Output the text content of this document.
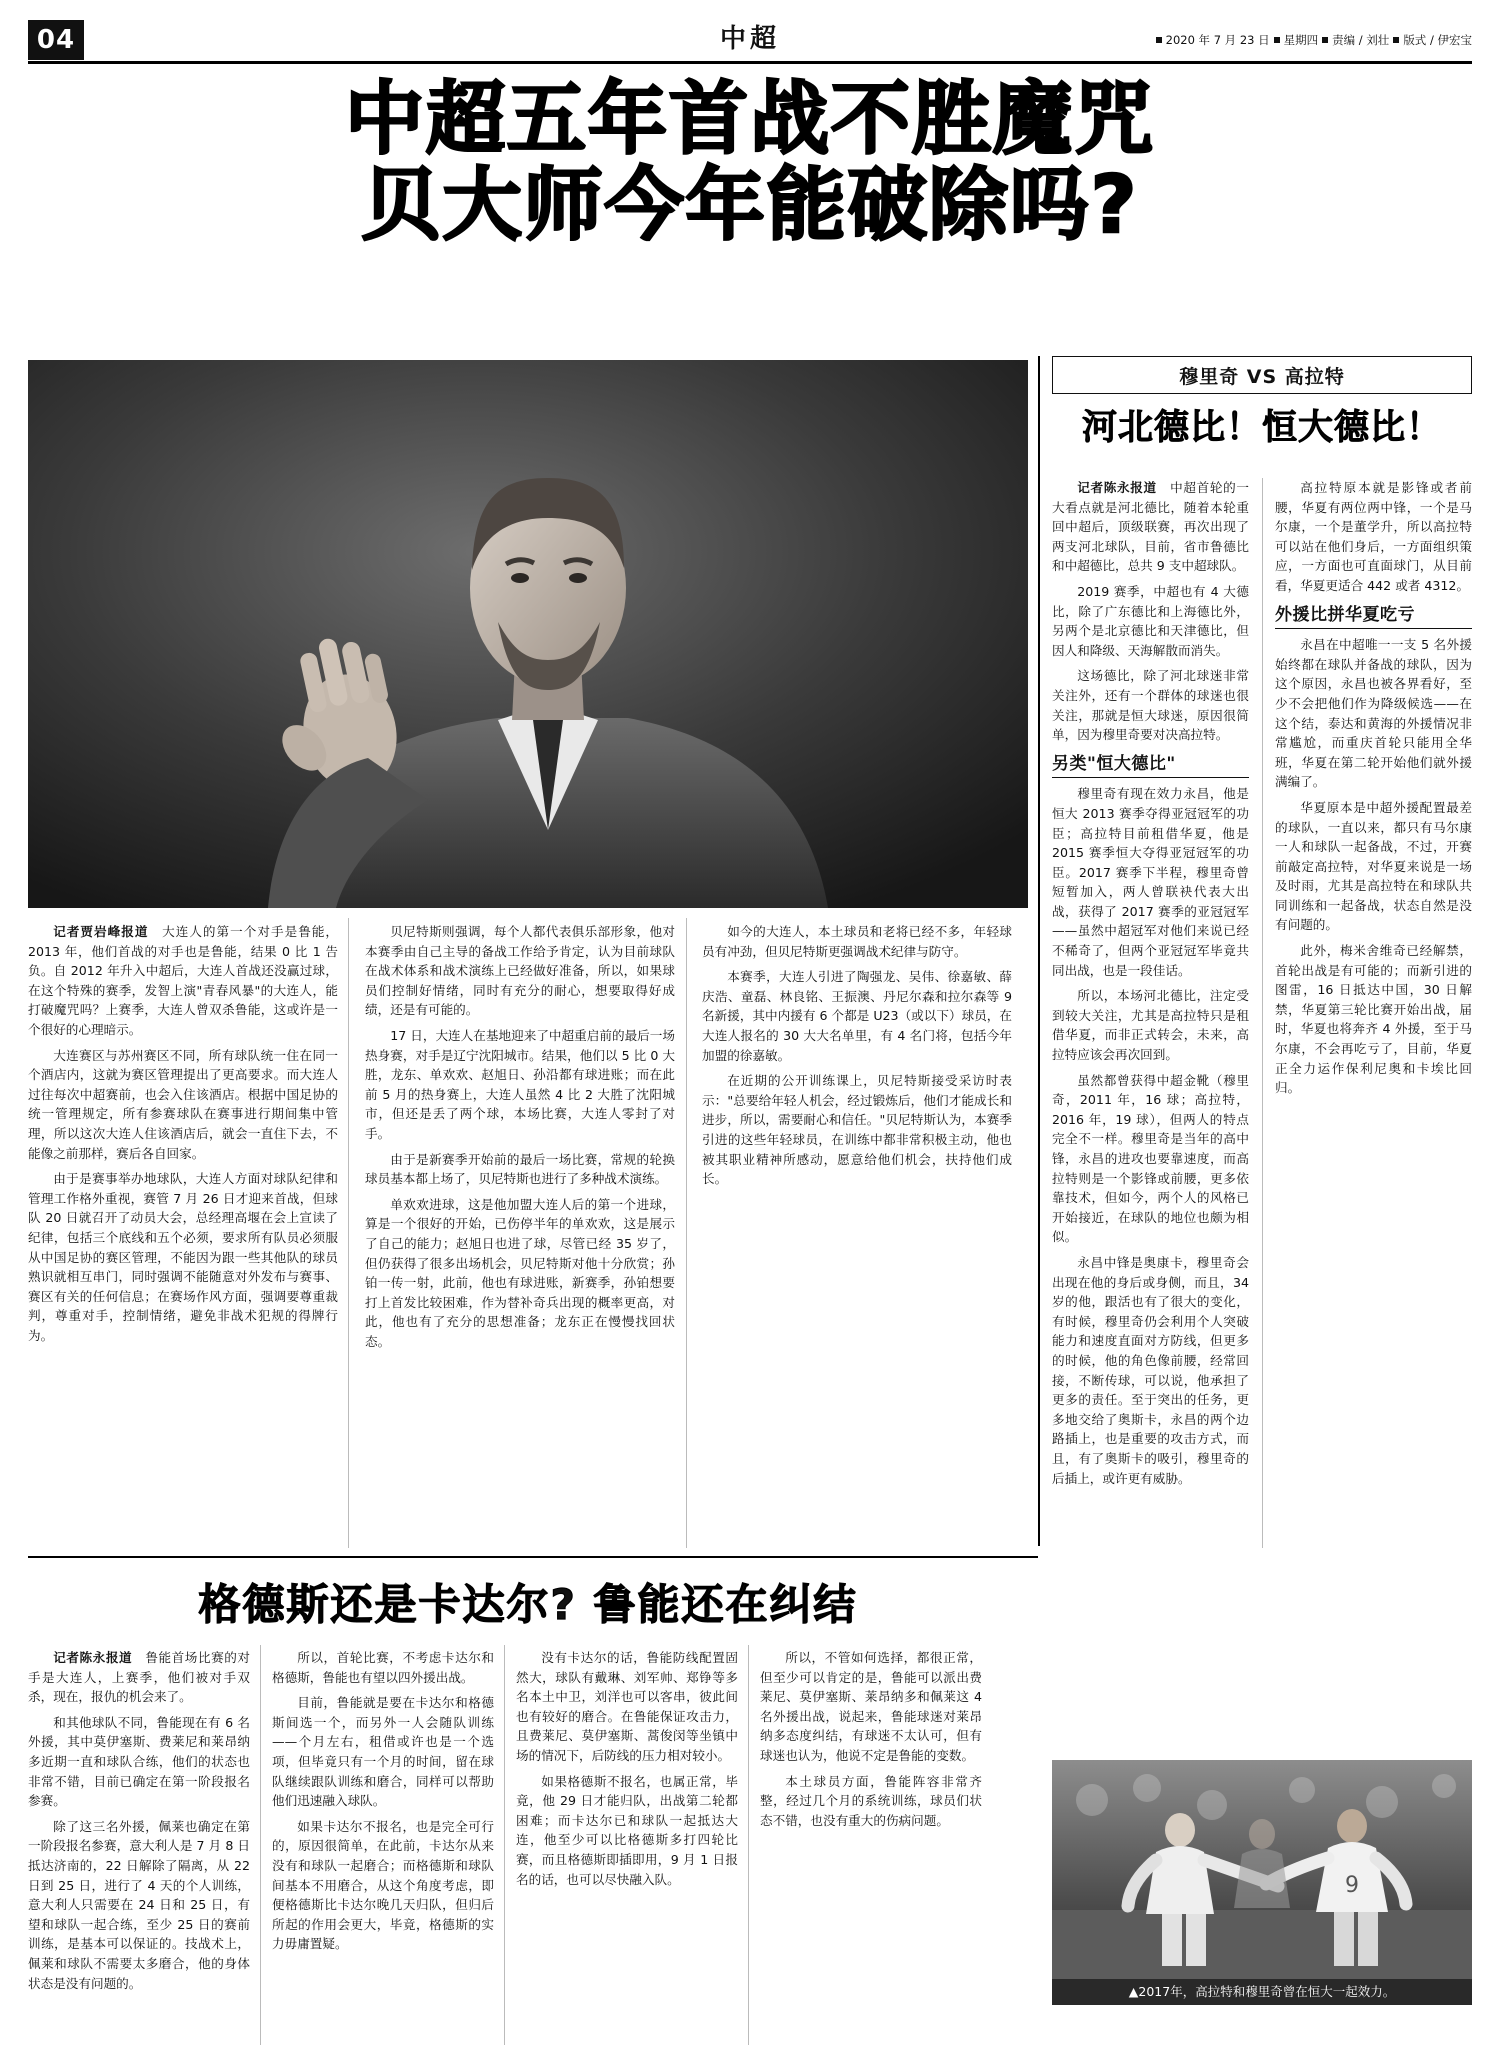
04	中超	2020 年 7 月 23 日 星期四 责编 / 刘壮 版式 / 伊宏宝
中超五年首战不胜魔咒
贝大师今年能破除吗?

记者贾岩峰报道　 大连人的第一个对手是鲁能，2013 年，他们首战的对手也是鲁能，结果 0 比 1 告负。自 2012 年升入中超后，大连人首战还没赢过球，在这个特殊的赛季，发智上演"青春风暴"的大连人，能打破魔咒吗？上赛季，大连人曾双杀鲁能，这或许是一个很好的心理暗示。

大连赛区与苏州赛区不同，所有球队统一住在同一个酒店内，这就为赛区管理提出了更高要求。而大连人过往每次中超赛前，也会入住该酒店。根据中国足协的统一管理规定，所有参赛球队在赛事进行期间集中管理，所以这次大连人住该酒店后，就会一直住下去，不能像之前那样，赛后各自回家。

由于是赛事举办地球队，大连人方面对球队纪律和管理工作格外重视，赛管 7 月 26 日才迎来首战，但球队 20 日就召开了动员大会，总经理高堰在会上宣读了纪律，包括三个底线和五个必须，要求所有队员必须服从中国足协的赛区管理，不能因为跟一些其他队的球员熟识就相互串门，同时强调不能随意对外发布与赛事、赛区有关的任何信息；在赛场作风方面，强调要尊重裁判，尊重对手，控制情绪，避免非战术犯规的得牌行为。

贝尼特斯则强调，每个人都代表俱乐部形象，他对本赛季由自己主导的备战工作给予肯定，认为目前球队在战术体系和战术演练上已经做好准备，所以，如果球员们控制好情绪，同时有充分的耐心，想要取得好成绩，还是有可能的。

17 日，大连人在基地迎来了中超重启前的最后一场热身赛，对手是辽宁沈阳城市。结果，他们以 5 比 0 大胜，龙东、单欢欢、赵旭日、孙沿都有球进账；而在此前 5 月的热身赛上，大连人虽然 4 比 2 大胜了沈阳城市，但还是丢了两个球，本场比赛，大连人零封了对手。

由于是新赛季开始前的最后一场比赛，常规的轮换球员基本都上场了，贝尼特斯也进行了多种战术演练。

单欢欢进球，这是他加盟大连人后的第一个进球，算是一个很好的开始，已伤停半年的单欢欢，这是展示了自己的能力；赵旭日也进了球，尽管已经 35 岁了，但仍获得了很多出场机会，贝尼特斯对他十分欣赏；孙铂一传一射，此前，他也有球进账，新赛季，孙铂想要打上首发比较困难，作为替补奇兵出现的概率更高，对此，他也有了充分的思想准备；龙东正在慢慢找回状态。

如今的大连人，本土球员和老将已经不多，年轻球员有冲劲，但贝尼特斯更强调战术纪律与防守。

本赛季，大连人引进了陶强龙、吴伟、徐嘉敏、薛庆浩、童磊、林良铭、王振澳、丹尼尔森和拉尔森等 9 名新援，其中内援有 6 个都是 U23（或以下）球员，在大连人报名的 30 大大名单里，有 4 名门将，包括今年加盟的徐嘉敏。

在近期的公开训练课上，贝尼特斯接受采访时表示："总要给年轻人机会，经过锻炼后，他们才能成长和进步，所以，需要耐心和信任。"贝尼特斯认为，本赛季引进的这些年轻球员，在训练中都非常积极主动，他也被其职业精神所感动，愿意给他们机会，扶持他们成长。

穆里奇 VS 高拉特
河北德比！恒大德比！

记者陈永报道　 中超首轮的一大看点就是河北德比，随着本轮重回中超后，顶级联赛，再次出现了两支河北球队，目前，省市鲁德比和中超德比，总共 9 支中超球队。

2019 赛季，中超也有 4 大德比，除了广东德比和上海德比外，另两个是北京德比和天津德比，但因人和降级、天海解散而消失。

这场德比，除了河北球迷非常关注外，还有一个群体的球迷也很关注，那就是恒大球迷，原因很简单，因为穆里奇要对决高拉特。

另类"恒大德比"

穆里奇有现在效力永昌，他是恒大 2013 赛季夺得亚冠冠军的功臣；高拉特目前租借华夏，他是 2015 赛季恒大夺得亚冠冠军的功臣。2017 赛季下半程，穆里奇曾短暂加入，两人曾联袂代表大出战，获得了 2017 赛季的亚冠冠军——虽然中超冠军对他们来说已经不稀奇了，但两个亚冠冠军毕竟共同出战，也是一段佳话。

所以，本场河北德比，注定受到较大关注，尤其是高拉特只是租借华夏，而非正式转会，未来，高拉特应该会再次回到。

虽然都曾获得中超金靴（穆里奇，2011 年，16 球；高拉特，2016 年，19 球），但两人的特点完全不一样。穆里奇是当年的高中锋，永昌的进攻也要靠速度，而高拉特则是一个影锋或前腰，更多依靠技术，但如今，两个人的风格已开始接近，在球队的地位也颇为相似。

永昌中锋是奥康卡，穆里奇会出现在他的身后或身侧，而且，34 岁的他，跟活也有了很大的变化，有时候，穆里奇仍会利用个人突破能力和速度直面对方防线，但更多的时候，他的角色像前腰，经常回接，不断传球，可以说，他承担了更多的责任。至于突出的任务，更多地交给了奥斯卡，永昌的两个边路插上，也是重要的攻击方式，而且，有了奥斯卡的吸引，穆里奇的后插上，或许更有威胁。

高拉特原本就是影锋或者前腰，华夏有两位两中锋，一个是马尔康，一个是董学升，所以高拉特可以站在他们身后，一方面组织策应，一方面也可直面球门，从目前看，华夏更适合 442 或者 4312。

外援比拼华夏吃亏

永昌在中超唯一一支 5 名外援始终都在球队并备战的球队，因为这个原因，永昌也被各界看好，至少不会把他们作为降级候选——在这个结，泰达和黄海的外援情况非常尴尬，而重庆首轮只能用全华班，华夏在第二轮开始他们就外援满编了。

华夏原本是中超外援配置最差的球队，一直以来，都只有马尔康一人和球队一起备战，不过，开赛前敲定高拉特，对华夏来说是一场及时雨，尤其是高拉特在和球队共同训练和一起备战，状态自然是没有问题的。

此外，梅米舍维奇已经解禁，首轮出战是有可能的；而新引进的图雷，16 日抵达中国，30 日解禁，华夏第三轮比赛开始出战，届时，华夏也将奔齐 4 外援，至于马尔康，不会再吃亏了，目前，华夏正全力运作保利尼奥和卡埃比回归。

格德斯还是卡达尔? 鲁能还在纠结

记者陈永报道　 鲁能首场比赛的对手是大连人，上赛季，他们被对手双杀，现在，报仇的机会来了。

和其他球队不同，鲁能现在有 6 名外援，其中莫伊塞斯、费莱尼和莱昂纳多近期一直和球队合练，他们的状态也非常不错，目前已确定在第一阶段报名参赛。

除了这三名外援，佩莱也确定在第一阶段报名参赛，意大利人是 7 月 8 日抵达济南的，22 日解除了隔离，从 22 日到 25 日，进行了 4 天的个人训练，意大利人只需要在 24 日和 25 日，有望和球队一起合练，至少 25 日的赛前训练，是基本可以保证的。技战术上，佩莱和球队不需要太多磨合，他的身体状态是没有问题的。

所以，首轮比赛，不考虑卡达尔和格德斯，鲁能也有望以四外援出战。

目前，鲁能就是要在卡达尔和格德斯间选一个，而另外一人会随队训练——个月左右，租借或许也是一个选项，但毕竟只有一个月的时间，留在球队继续跟队训练和磨合，同样可以帮助他们迅速融入球队。

如果卡达尔不报名，也是完全可行的，原因很简单，在此前，卡达尔从来没有和球队一起磨合；而格德斯和球队间基本不用磨合，从这个角度考虑，即便格德斯比卡达尔晚几天归队，但归后所起的作用会更大，毕竟，格德斯的实力毋庸置疑。

没有卡达尔的话，鲁能防线配置固然大，球队有戴琳、刘军帅、郑铮等多名本土中卫，刘洋也可以客串，彼此间也有较好的磨合。在鲁能保证攻击力，且费莱尼、莫伊塞斯、蒿俊闵等坐镇中场的情况下，后防线的压力相对较小。

如果格德斯不报名，也属正常，毕竟，他 29 日才能归队，出战第二轮都困难；而卡达尔已和球队一起抵达大连，他至少可以比格德斯多打四轮比赛，而且格德斯即插即用，9 月 1 日报名的话，也可以尽快融入队。

所以，不管如何选择，都很正常，但至少可以肯定的是，鲁能可以派出费莱尼、莫伊塞斯、莱昂纳多和佩莱这 4 名外援出战，说起来，鲁能球迷对莱昂纳多态度纠结，有球迷不太认可，但有球迷也认为，他说不定是鲁能的变数。

本土球员方面，鲁能阵容非常齐整，经过几个月的系统训练，球员们状态不错，也没有重大的伤病问题。

9
▲2017年，高拉特和穆里奇曾在恒大一起效力。
